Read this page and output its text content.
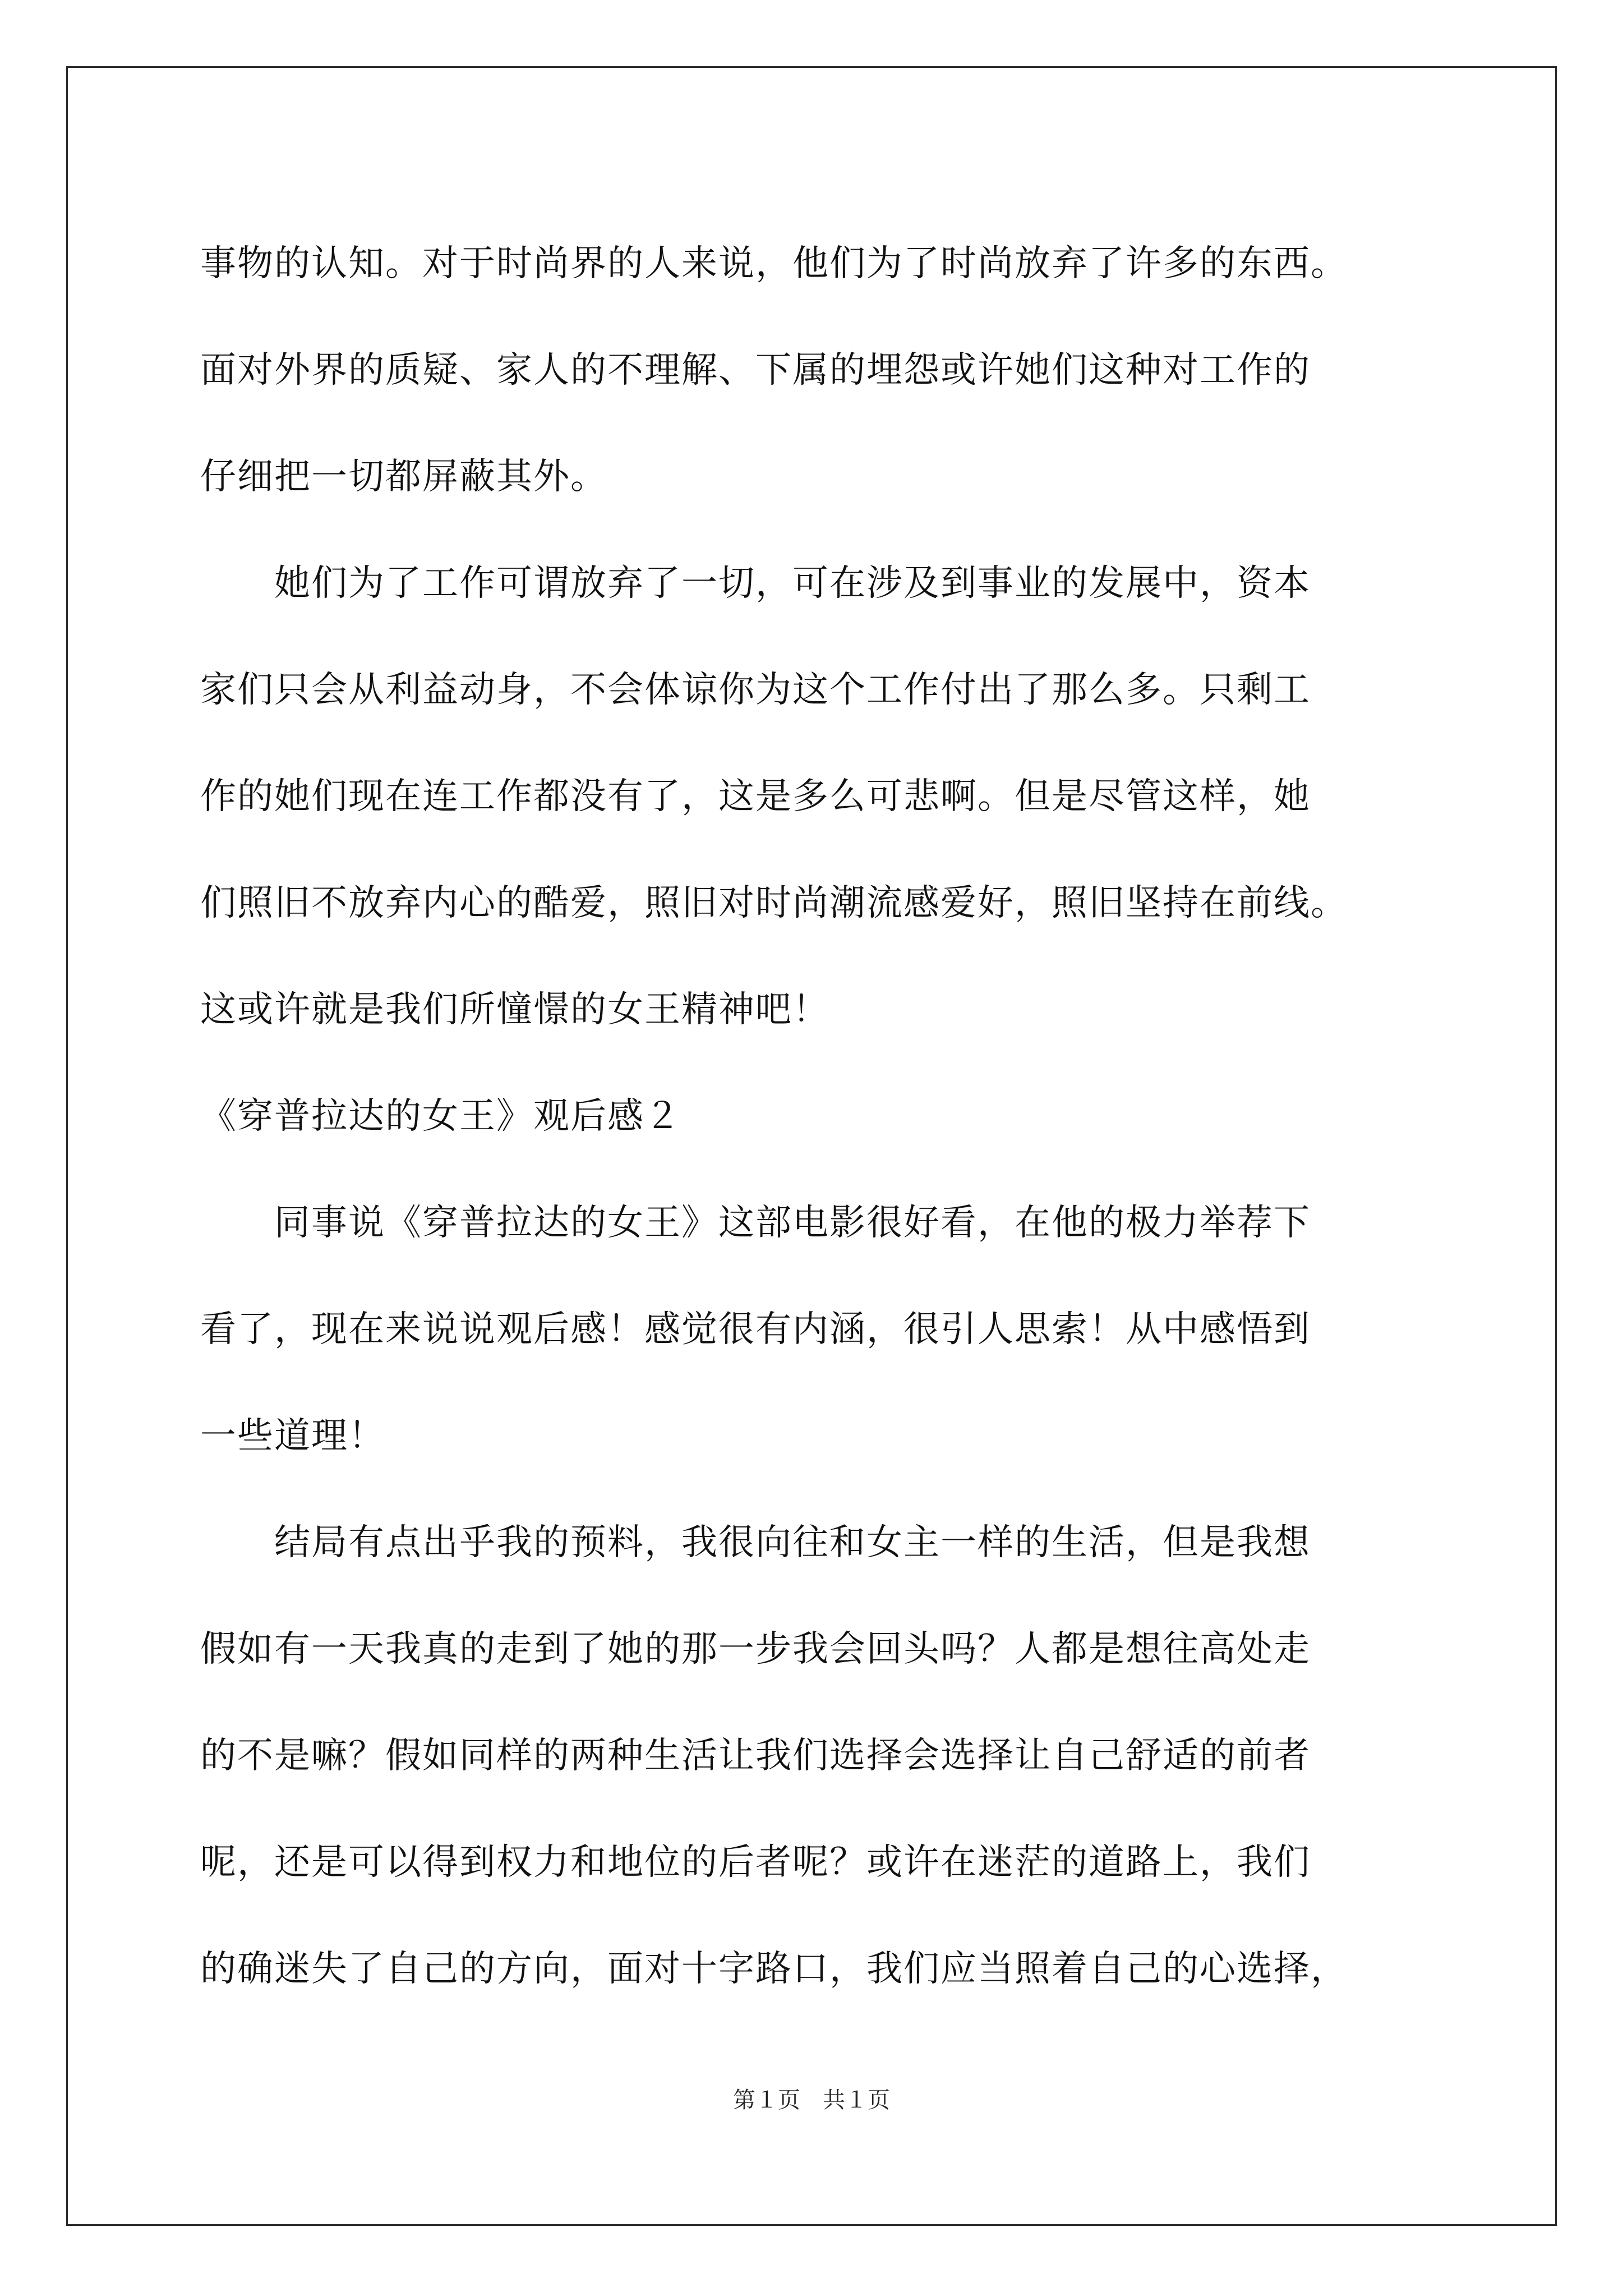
事物的认知。对于时尚界的人来说，他们为了时尚放弃了许多的东西。
面对外界的质疑、家人的不理解、下属的埋怨或许她们这种对工作的
仔细把一切都屏蔽其外。
　　她们为了工作可谓放弃了一切，可在涉及到事业的发展中，资本
家们只会从利益动身，不会体谅你为这个工作付出了那么多。只剩工
作的她们现在连工作都没有了，这是多么可悲啊。但是尽管这样，她
们照旧不放弃内心的酷爱，照旧对时尚潮流感爱好，照旧坚持在前线。
这或许就是我们所憧憬的女王精神吧！
《穿普拉达的女王》观后感２
　　同事说《穿普拉达的女王》这部电影很好看，在他的极力举荐下
看了，现在来说说观后感！感觉很有内涵，很引人思索！从中感悟到
一些道理！
　　结局有点出乎我的预料，我很向往和女主一样的生活，但是我想
假如有一天我真的走到了她的那一步我会回头吗？人都是想往高处走
的不是嘛？假如同样的两种生活让我们选择会选择让自己舒适的前者
呢，还是可以得到权力和地位的后者呢？或许在迷茫的道路上，我们
的确迷失了自己的方向，面对十字路口，我们应当照着自己的心选择，
第１页　共１页
